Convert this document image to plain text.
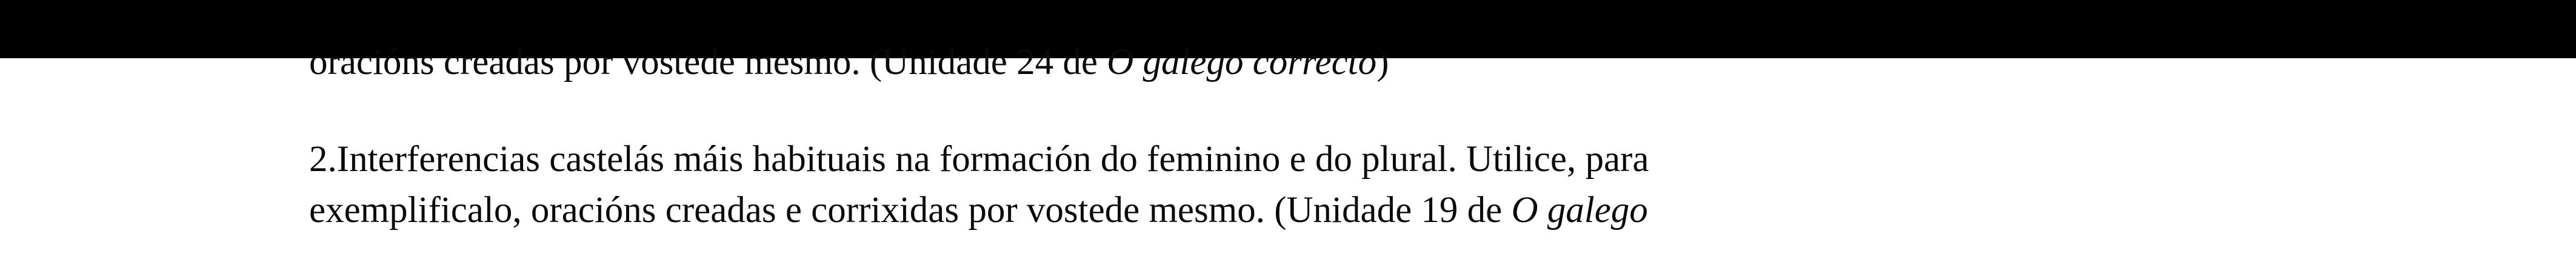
oracións creadas por vostede mesmo. (Unidade 24 de O galego correcto)
2.Interferencias castelás máis habituais na formación do feminino e do plural. Utilice, para
exemplificalo, oracións creadas e corrixidas por vostede mesmo. (Unidade 19 de O galego
